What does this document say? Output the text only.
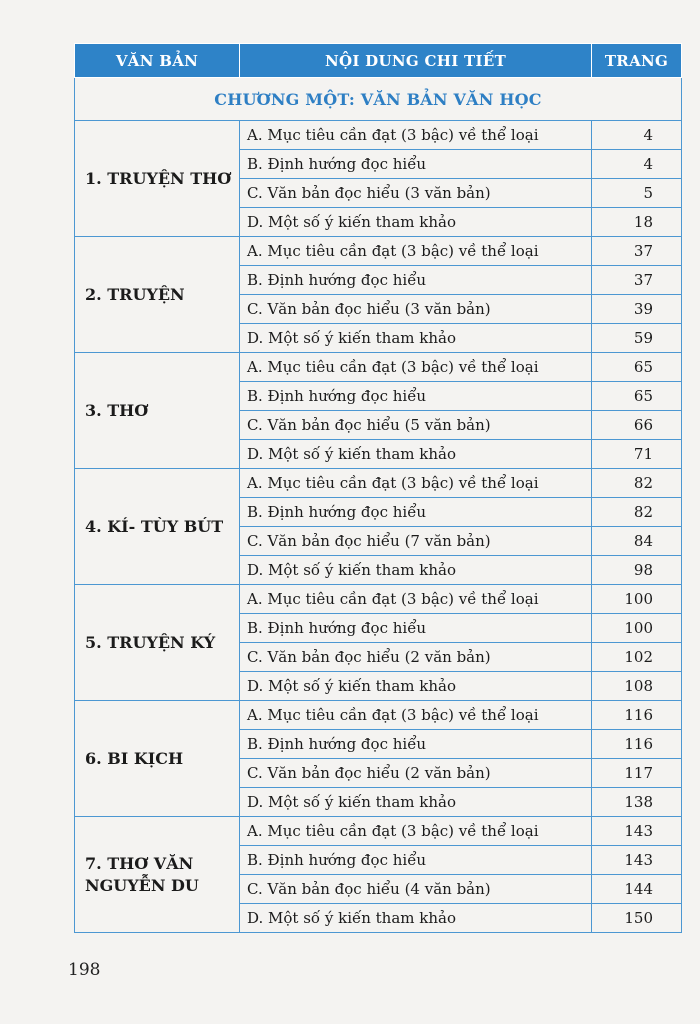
VĂN BẢN	NỘI DUNG CHI TIẾT	TRANG
CHƯƠNG MỘT: VĂN BẢN VĂN HỌC		
1. TRUYỆN THƠ	A. Mục tiêu cần đạt (3 bậc) về thể loại	4
	B. Định hướng đọc hiểu	4
	C. Văn bản đọc hiểu (3 văn bản)	5
	D. Một số ý kiến tham khảo	18
2. TRUYỆN	A. Mục tiêu cần đạt (3 bậc) về thể loại	37
	B. Định hướng đọc hiểu	37
	C. Văn bản đọc hiểu (3 văn bản)	39
	D. Một số ý kiến tham khảo	59
3. THƠ	A. Mục tiêu cần đạt (3 bậc) về thể loại	65
	B. Định hướng đọc hiểu	65
	C. Văn bản đọc hiểu (5 văn bản)	66
	D. Một số ý kiến tham khảo	71
4. KÍ- TÙY BÚT	A. Mục tiêu cần đạt (3 bậc) về thể loại	82
	B. Định hướng đọc hiểu	82
	C. Văn bản đọc hiểu (7 văn bản)	84
	D. Một số ý kiến tham khảo	98
5. TRUYỆN KÝ	A. Mục tiêu cần đạt (3 bậc) về thể loại	100
	B. Định hướng đọc hiểu	100
	C. Văn bản đọc hiểu (2 văn bản)	102
	D. Một số ý kiến tham khảo	108
6. BI KỊCH	A. Mục tiêu cần đạt (3 bậc) về thể loại	116
	B. Định hướng đọc hiểu	116
	C. Văn bản đọc hiểu (2 văn bản)	117
	D. Một số ý kiến tham khảo	138
7. THƠ VĂN NGUYỄN DU	A. Mục tiêu cần đạt (3 bậc) về thể loại	143
	B. Định hướng đọc hiểu	143
	C. Văn bản đọc hiểu (4 văn bản)	144
	D. Một số ý kiến tham khảo	150
198
